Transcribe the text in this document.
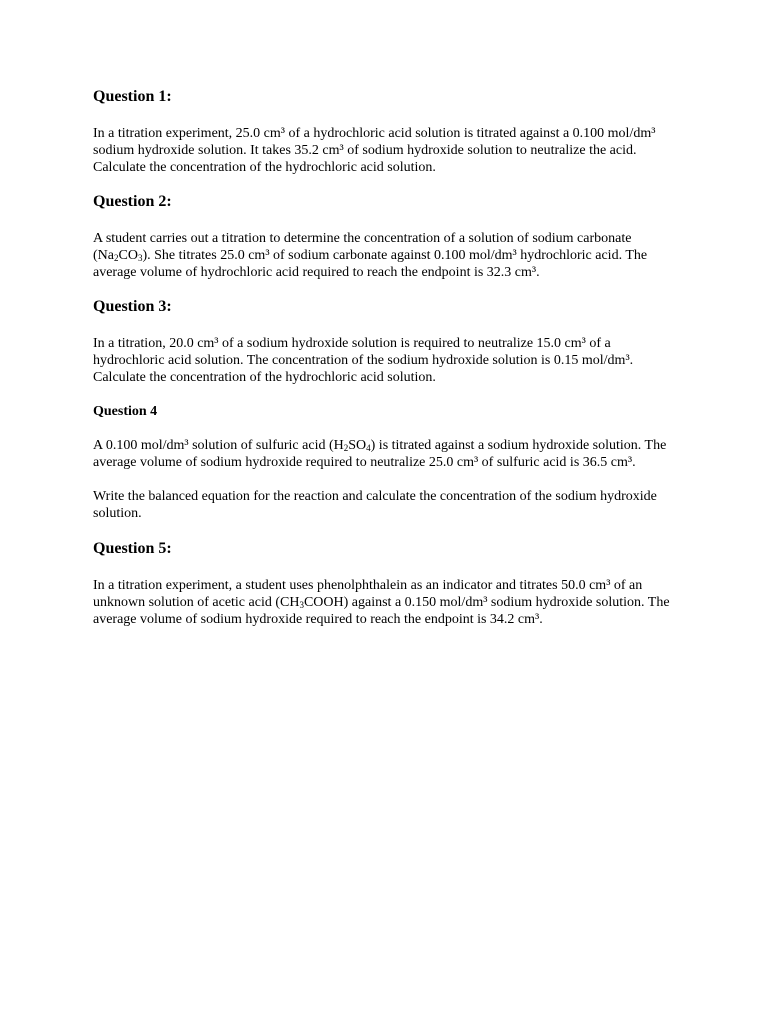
Question 1:

In a titration experiment, 25.0 cm³ of a hydrochloric acid solution is titrated against a 0.100 mol/dm³ sodium hydroxide solution. It takes 35.2 cm³ of sodium hydroxide solution to neutralize the acid. Calculate the concentration of the hydrochloric acid solution.

Question 2:

A student carries out a titration to determine the concentration of a solution of sodium carbonate $(Na_2CO_3)$. She titrates 25.0 cm³ of sodium carbonate against 0.100 mol/dm³ hydrochloric acid. The average volume of hydrochloric acid required to reach the endpoint is 32.3 cm³.

Question 3:

In a titration, 20.0 cm³ of a sodium hydroxide solution is required to neutralize 15.0 cm³ of a hydrochloric acid solution. The concentration of the sodium hydroxide solution is 0.15 mol/dm³. Calculate the concentration of the hydrochloric acid solution.

Question 4

A 0.100 mol/dm³ solution of sulfuric acid $(H_2SO_4)$ is titrated against a sodium hydroxide solution. The average volume of sodium hydroxide required to neutralize 25.0 cm³ of sulfuric acid is 36.5 cm³.

Write the balanced equation for the reaction and calculate the concentration of the sodium hydroxide solution.

Question 5:

In a titration experiment, a student uses phenolphthalein as an indicator and titrates 50.0 cm³ of an unknown solution of acetic acid $(CH_3COOH)$ against a 0.150 mol/dm³ sodium hydroxide solution. The average volume of sodium hydroxide required to reach the endpoint is 34.2 cm³.
